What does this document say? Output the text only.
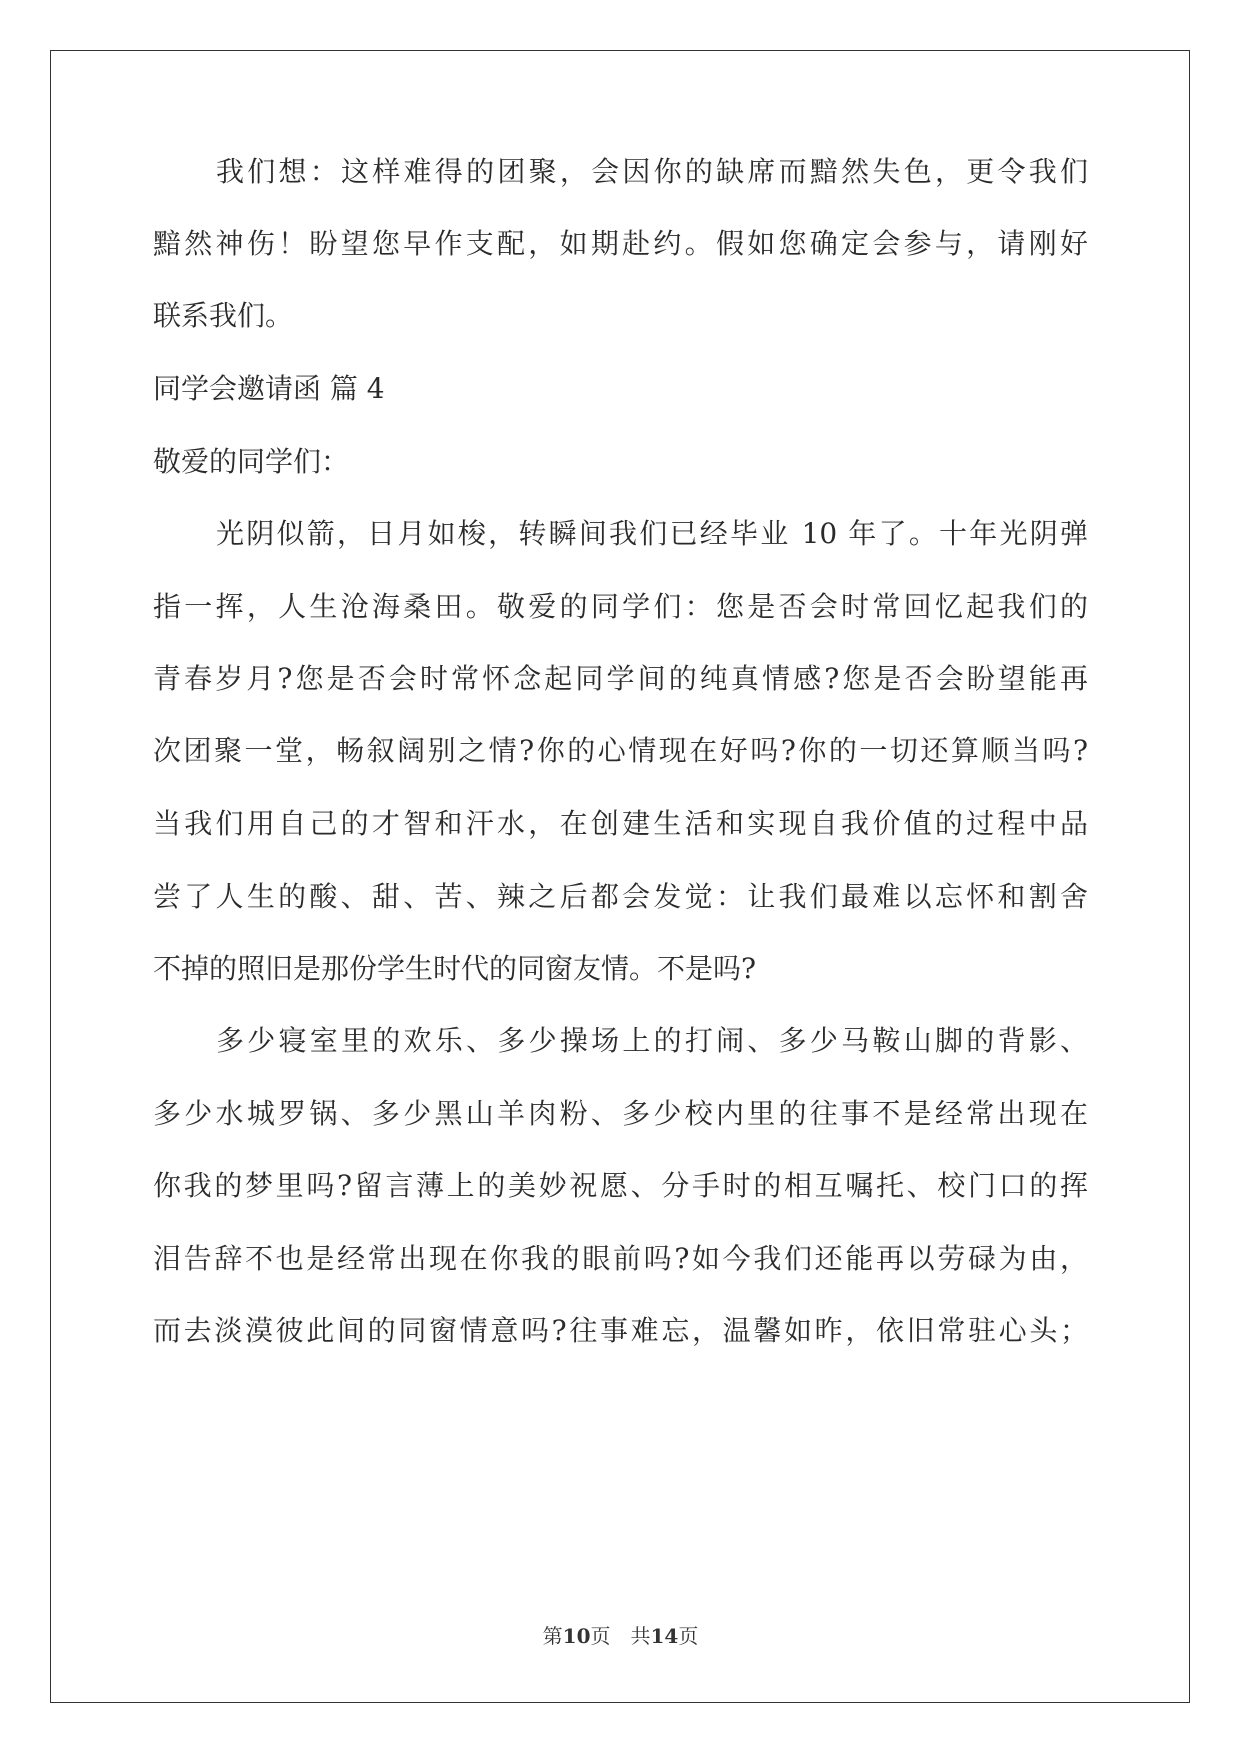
我们想：这样难得的团聚，会因你的缺席而黯然失色，更令我们
黯然神伤！盼望您早作支配，如期赴约。假如您确定会参与，请刚好
联系我们。
同学会邀请函 篇 4
敬爱的同学们：
光阴似箭，日月如梭，转瞬间我们已经毕业 10 年了。十年光阴弹
指一挥，人生沧海桑田。敬爱的同学们：您是否会时常回忆起我们的
青春岁月?您是否会时常怀念起同学间的纯真情感?您是否会盼望能再
次团聚一堂，畅叙阔别之情?你的心情现在好吗?你的一切还算顺当吗?
当我们用自己的才智和汗水，在创建生活和实现自我价值的过程中品
尝了人生的酸、甜、苦、辣之后都会发觉：让我们最难以忘怀和割舍
不掉的照旧是那份学生时代的同窗友情。不是吗?
多少寝室里的欢乐、多少操场上的打闹、多少马鞍山脚的背影、
多少水城罗锅、多少黑山羊肉粉、多少校内里的往事不是经常出现在
你我的梦里吗?留言薄上的美妙祝愿、分手时的相互嘱托、校门口的挥
泪告辞不也是经常出现在你我的眼前吗?如今我们还能再以劳碌为由，
而去淡漠彼此间的同窗情意吗?往事难忘，温馨如昨，依旧常驻心头；
第10页　共14页
